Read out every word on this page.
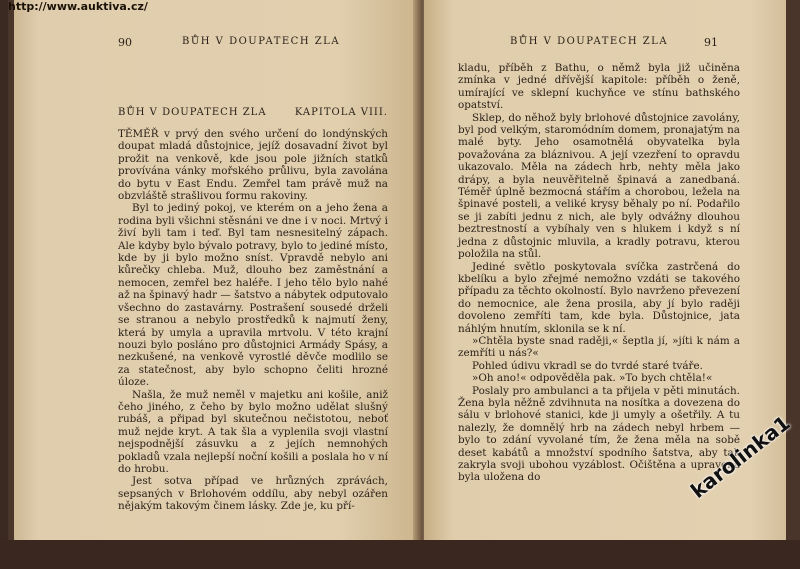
90	BŮH V DOUPATECH ZLA
BŮH V DOUPATECH ZLA	KAPITOLA VIII.

TĚMĚŘ v prvý den svého určení do londýnských doupat mladá důstojnice, jejíž dosavadní život byl prožit na venkově, kde jsou pole jižních statků provívána vánky mořského průlivu, byla zavolána do bytu v East Endu. Zemřel tam právě muž na obzvláště strašlivou formu rakoviny.

Byl to jediný pokoj, ve kterém on a jeho žena a rodina byli všichni stěsnáni ve dne i v noci. Mrtvý i živí byli tam i teď. Byl tam nesnesitelný zápach. Ale kdyby bylo bývalo potravy, bylo to jediné místo, kde by ji bylo možno sníst. Vpravdě nebylo ani kůrečky chleba. Muž, dlouho bez zaměstnání a nemocen, zemřel bez haléře. I jeho tělo bylo nahé až na špinavý hadr — šatstvo a nábytek odputovalo všechno do zastavárny. Postrašení sousedé drželi se stranou a nebylo prostředků k najmutí ženy, která by umyla a upravila mrtvolu. V této krajní nouzi bylo posláno pro důstojnici Armády Spásy, a nezkušené, na venkově vyrostlé děvče modlilo se za statečnost, aby bylo schopno čeliti hrozné úloze.

Našla, že muž neměl v majetku ani košile, aniž čeho jiného, z čeho by bylo možno udělat slušný rubáš, a připad byl skutečnou nečistotou, neboť muž nejde kryt. A tak šla a vyplenila svoji vlastní nejspodnější zásuvku a z jejích nemnohých pokladů vzala nejlepší noční košili a poslala ho v ní do hrobu.

Jest sotva případ ve hrůzných zprávách, sepsaných v Brlohovém oddílu, aby nebyl ozářen nějakým takovým činem lásky. Zde je, ku pří-

BŮH V DOUPATECH ZLA	91

kladu, příběh z Bathu, o němž byla již učiněna zmínka v jedné dřívější kapitole: příběh o ženě, umírající ve sklepní kuchyňce ve stínu bathského opatství.

Sklep, do něhož byly brlohové důstojnice zavolány, byl pod velkým, staromódním domem, pronajatým na malé byty. Jeho osamotnělá obyvatelka byla považována za bláznivou. A její vzezření to opravdu ukazovalo. Měla na zádech hrb, nehty měla jako drápy, a byla neuvěřitelně špinavá a zanedbaná. Téměř úplně bezmocná stářím a chorobou, ležela na špinavé posteli, a veliké krysy běhaly po ní. Podařilo se ji zabíti jednu z nich, ale byly odvážny dlouhou beztrestností a vybíhaly ven s hlukem i když s ní jedna z důstojnic mluvila, a kradly potravu, kterou položila na stůl.

Jediné světlo poskytovala svíčka zastrčená do kbelíku a bylo zřejmé nemožno vzdáti se takového případu za těchto okolností. Bylo navrženo převezení do nemocnice, ale žena prosila, aby jí bylo raději dovoleno zemříti tam, kde byla. Důstojnice, jata náhlým hnutím, sklonila se k ní.

»Chtěla byste snad raději,« šeptla jí, »jíti k nám a zemříti u nás?«

Pohled údivu vkradl se do tvrdé staré tváře.

»Oh ano!« odpověděla pak. »To bych chtěla!«

Poslaly pro ambulanci a ta přijela v pěti minutách. Žena byla něžně zdvihnuta na nosítka a dovezena do sálu v brlohové stanici, kde ji umyly a ošetřily. A tu nalezly, že domnělý hrb na zádech nebyl hrbem — bylo to zdání vyvolané tím, že žena měla na sobě deset kabátů a množství spodního šatstva, aby tak zakryla svoji ubohou vyzáblost. Očištěna a upravena byla uložena do

http://www.auktiva.cz/
karolinka1
